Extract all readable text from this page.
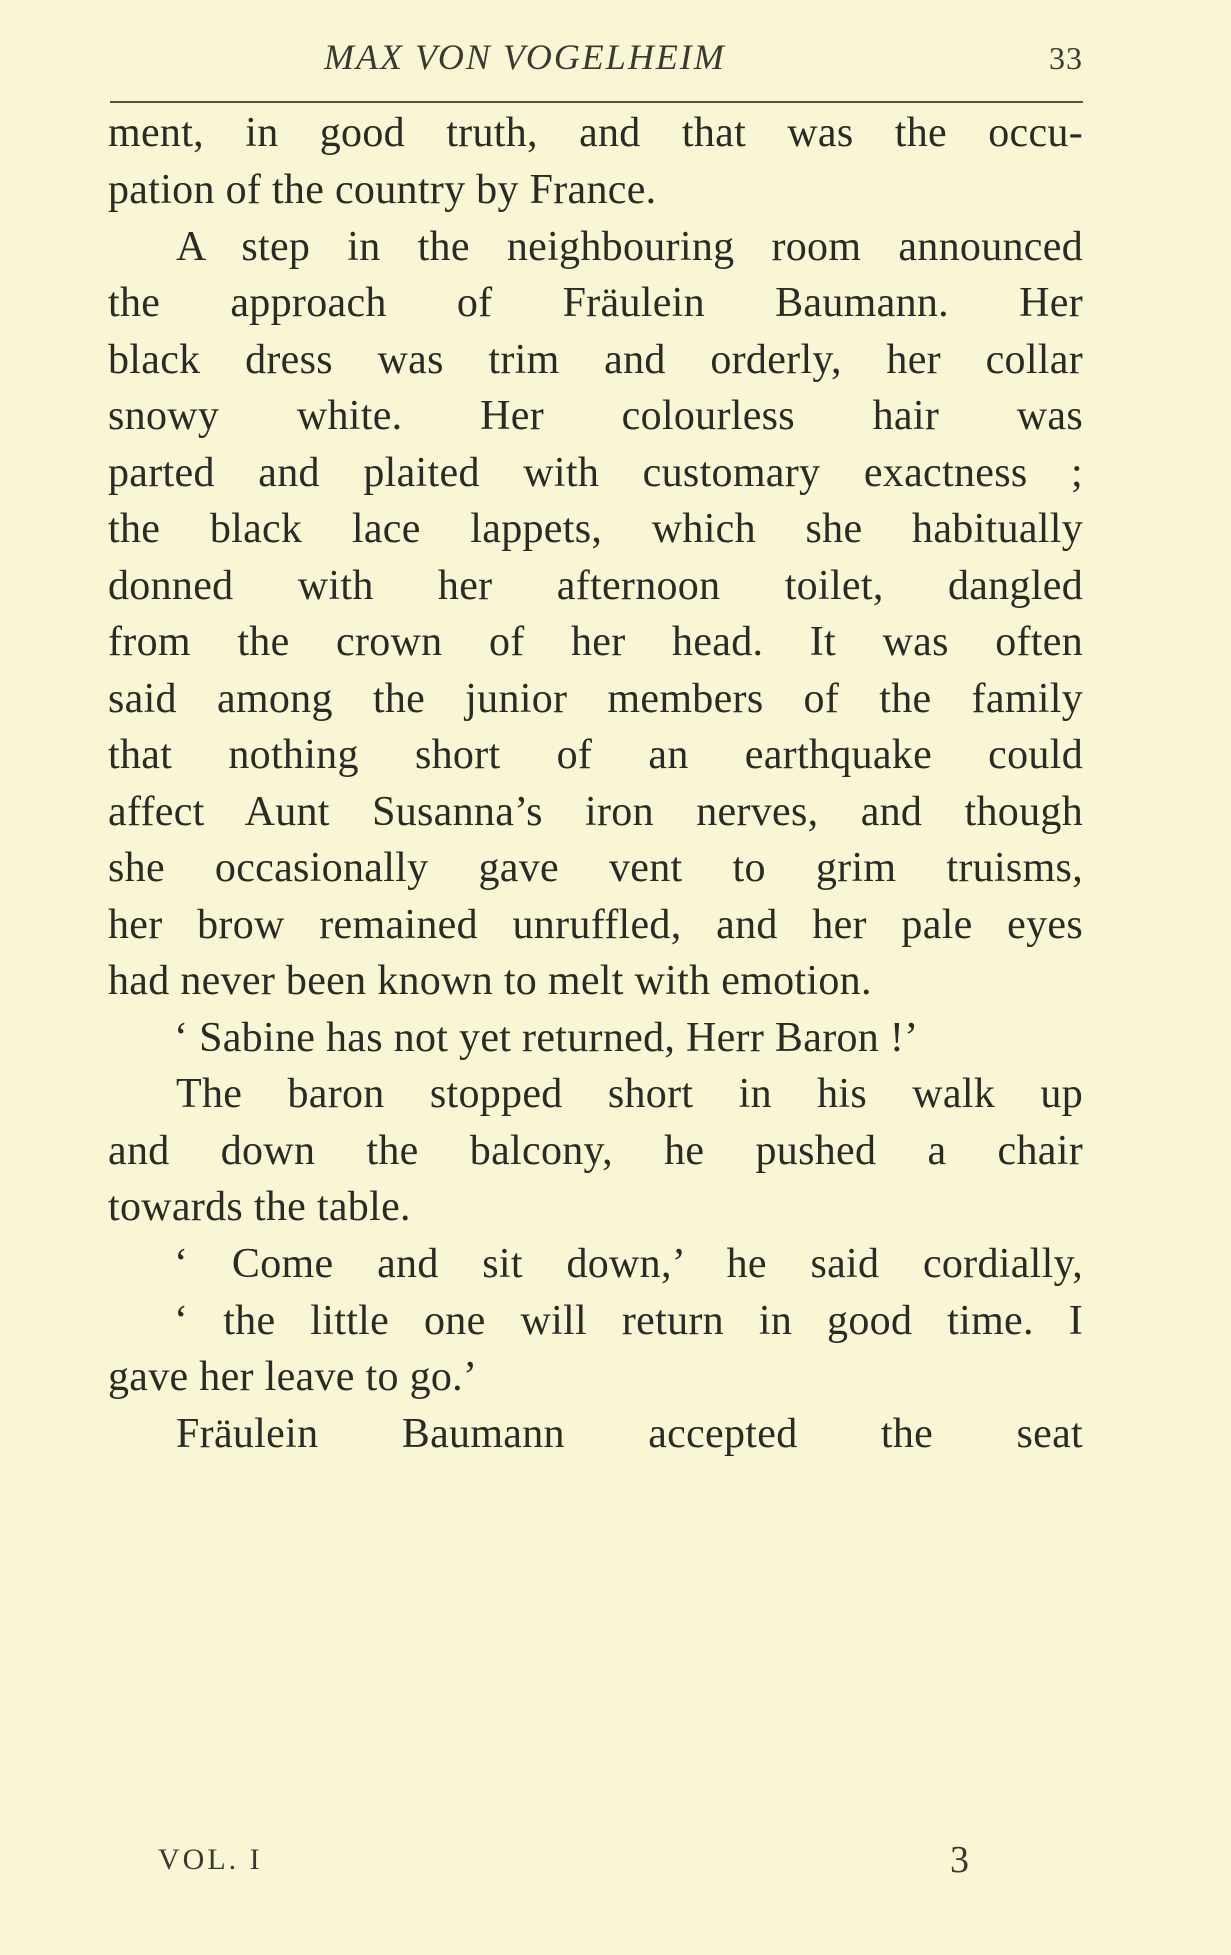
MAX VON VOGELHEIM	33
ment, in good truth, and that was the occu-
pation of the country by France.
A step in the neighbouring room announced
the approach of Fräulein Baumann. Her
black dress was trim and orderly, her collar
snowy white. Her colourless hair was
parted and plaited with customary exactness ;
the black lace lappets, which she habitually
donned with her afternoon toilet, dangled
from the crown of her head. It was often
said among the junior members of the family
that nothing short of an earthquake could
affect Aunt Susanna’s iron nerves, and though
she occasionally gave vent to grim truisms,
her brow remained unruffled, and her pale eyes
had never been known to melt with emotion.
‘ Sabine has not yet returned, Herr Baron !’
The baron stopped short in his walk up
and down the balcony, he pushed a chair
towards the table.
‘ Come and sit down,’ he said cordially,
‘ the little one will return in good time. I
gave her leave to go.’
Fräulein Baumann accepted the seat
VOL. I	3
